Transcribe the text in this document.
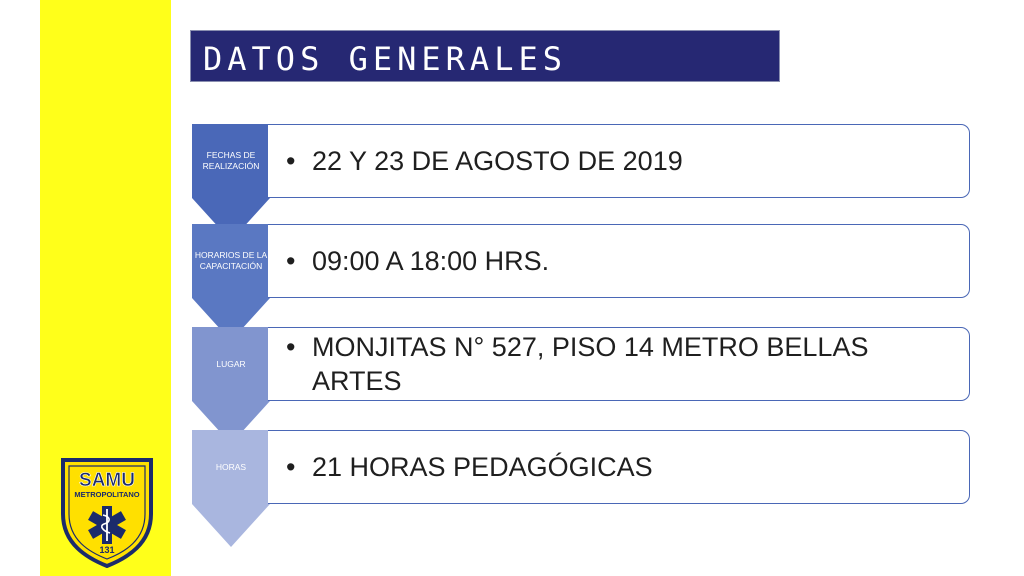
DATOS GENERALES
FECHAS DE REALIZACIÓN • 22 Y 23 DE AGOSTO DE 2019
HORARIOS DE LA CAPACITACIÓN • 09:00 A 18:00 HRS.
LUGAR
• MONJITAS N° 527, PISO 14 METRO BELLAS ARTES
HORAS	• 21 HORAS PEDAGÓGICAS
SAMU
METROPOLITANO
131
